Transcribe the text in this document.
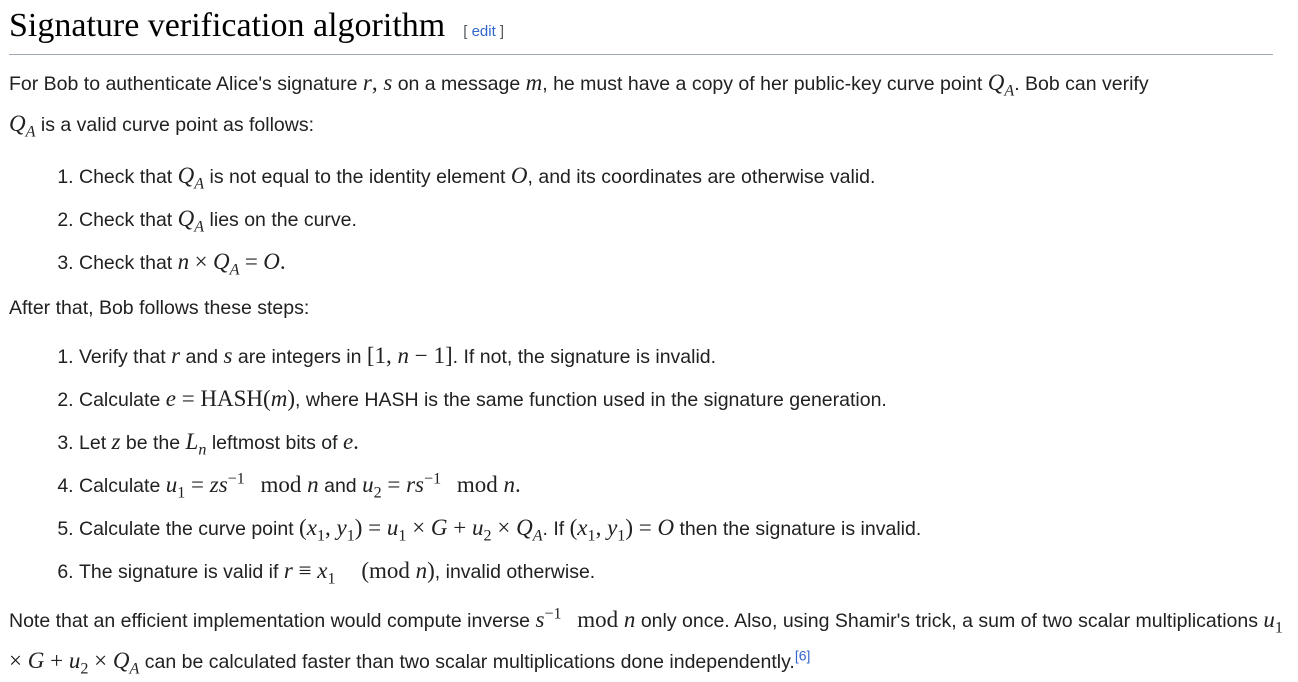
Signature verification algorithm [ edit ]

For Bob to authenticate Alice's signature r, s on a message m, he must have a copy of her public-key curve point $Q_A$. Bob can verify
$Q_A$ is a valid curve point as follows:

1. Check that $Q_A$ is not equal to the identity element O, and its coordinates are otherwise valid.
2. Check that $Q_A$ lies on the curve.
3. Check that $n \times Q_A = O$.

After that, Bob follows these steps:

1. Verify that r and s are integers in [1, n − 1]. If not, the signature is invalid.
2. Calculate e = HASH(m), where HASH is the same function used in the signature generation.
3. Let z be the $L_n$ leftmost bits of e.
4. Calculate $u_1 = zs^{-1}$ mod n and $u_2 = rs^{-1}$ mod n.
5. Calculate the curve point ($x_1$, $y_1) = u_1 \times G + u_2 \times Q_A$. If ($x_1$, $y_1) = O$ then the signature is invalid.
6. The signature is valid if $r \equiv x_1$ (mod n), invalid otherwise.

Note that an efficient implementation would compute inverse $s^{-1}$ mod n only once. Also, using Shamir's trick, a sum of two scalar multiplications $u_1 \times G + u_2 \times Q_A$ can be calculated faster than two scalar multiplications done independently.[6]
